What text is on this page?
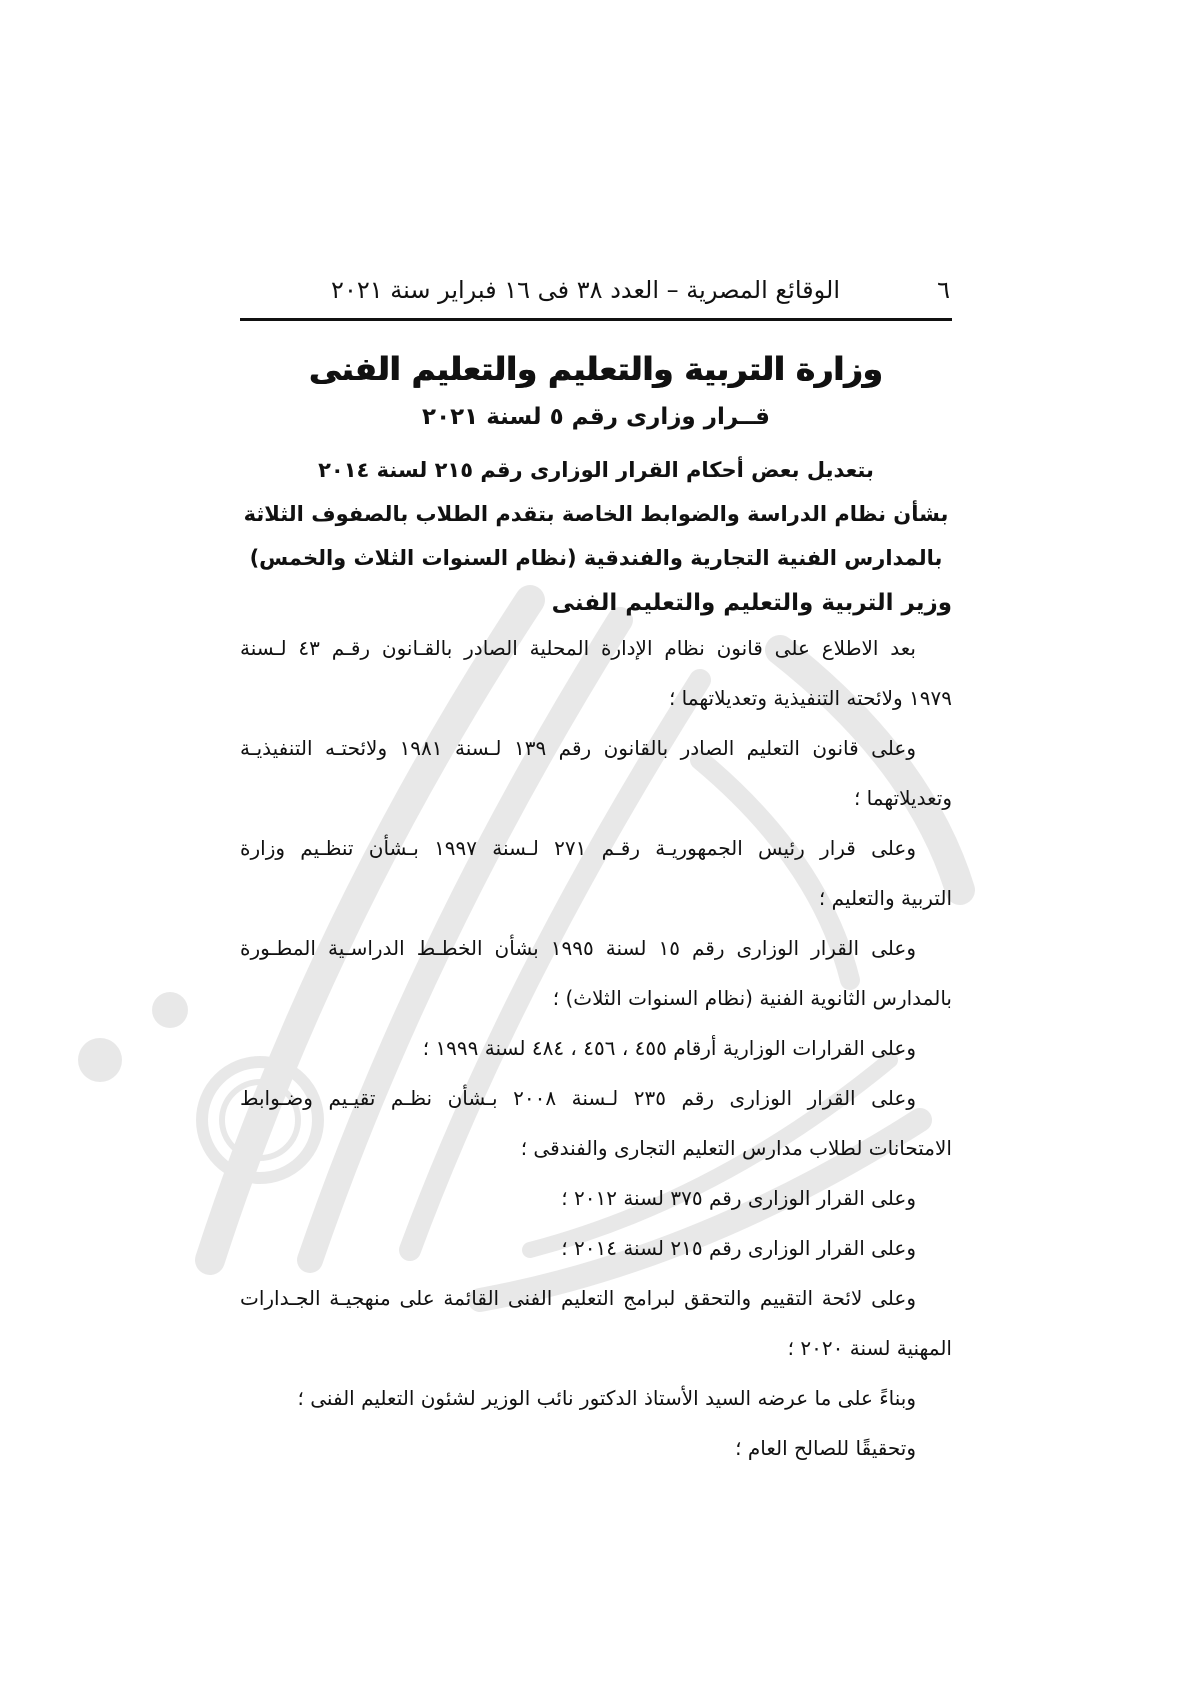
٦
الوقائع المصرية – العدد ٣٨ فى ١٦ فبراير سنة ٢٠٢١
وزارة التربية والتعليم والتعليم الفنى
قــرار وزارى رقم ٥ لسنة ٢٠٢١
بتعديل بعض أحكام القرار الوزارى رقم ٢١٥ لسنة ٢٠١٤
بشأن نظام الدراسة والضوابط الخاصة بتقدم الطلاب بالصفوف الثلاثة
بالمدارس الفنية التجارية والفندقية (نظام السنوات الثلاث والخمس)
وزير التربية والتعليم والتعليم الفنى
بعد الاطلاع على قانون نظام الإدارة المحلية الصادر بالقـانون رقـم ٤٣ لـسنة
١٩٧٩ ولائحته التنفيذية وتعديلاتهما ؛
وعلى قانون التعليم الصادر بالقانون رقم ١٣٩ لـسنة ١٩٨١ ولائحتـه التنفيذيـة
وتعديلاتهما ؛
وعلى قرار رئيس الجمهوريـة رقـم ٢٧١ لـسنة ١٩٩٧ بـشأن تنظـيم وزارة
التربية والتعليم ؛
وعلى القرار الوزارى رقم ١٥ لسنة ١٩٩٥ بشأن الخطـط الدراسـية المطـورة
بالمدارس الثانوية الفنية (نظام السنوات الثلاث) ؛
وعلى القرارات الوزارية أرقام ٤٥٥ ، ٤٥٦ ، ٤٨٤ لسنة ١٩٩٩ ؛
وعلى القرار الوزارى رقم ٢٣٥ لـسنة ٢٠٠٨ بـشأن نظـم تقيـيم وضـوابط
الامتحانات لطلاب مدارس التعليم التجارى والفندقى ؛
وعلى القرار الوزارى رقم ٣٧٥ لسنة ٢٠١٢ ؛
وعلى القرار الوزارى رقم ٢١٥ لسنة ٢٠١٤ ؛
وعلى لائحة التقييم والتحقق لبرامج التعليم الفنى القائمة على منهجيـة الجـدارات
المهنية لسنة ٢٠٢٠ ؛
وبناءً على ما عرضه السيد الأستاذ الدكتور نائب الوزير لشئون التعليم الفنى ؛
وتحقيقًا للصالح العام ؛
